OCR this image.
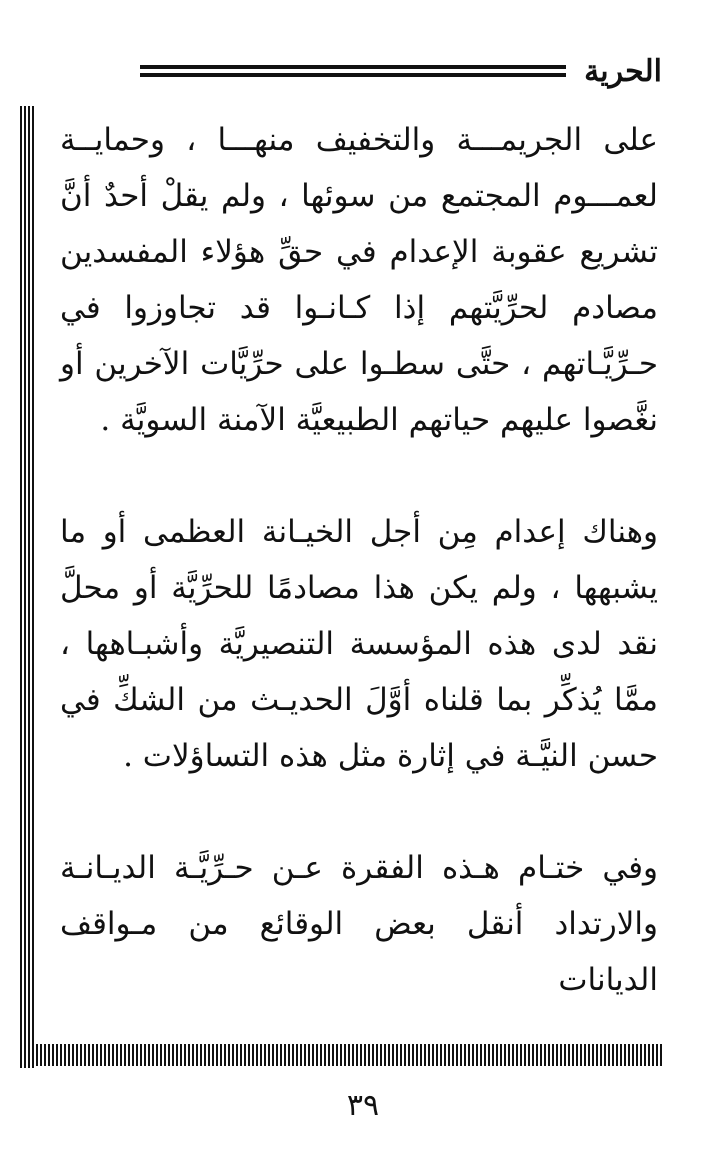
الحرية

على الجريمـــة والتخفيف منهـــا ، وحمايــة لعمـــوم المجتمع من سوئها ، ولم يقلْ أحدٌ أنَّ تشريع عقوبة الإعدام في حقِّ هؤلاء المفسدين مصادم لحرِّيَّتهم إذا كـانـوا قد تجاوزوا في حـرِّيَّـاتهم ، حتَّى سطـوا على حرِّيَّات الآخرين أو نغَّصوا عليهم حياتهم الطبيعيَّة الآمنة السويَّة .

وهناك إعدام مِن أجل الخيـانة العظمى أو ما يشبهها ، ولم يكن هذا مصادمًا للحرِّيَّة أو محلَّ نقد لدى هذه المؤسسة التنصيريَّة وأشبـاهها ، ممَّا يُذكِّر بما قلناه أوَّلَ الحديـث من الشكِّ في حسن النيَّـة في إثارة مثل هذه التساؤلات .

وفي ختـام هـذه الفقرة عـن حـرِّيَّـة الديـانـة والارتداد أنقل بعض الوقائع من مـواقف الديانات

٣٩
